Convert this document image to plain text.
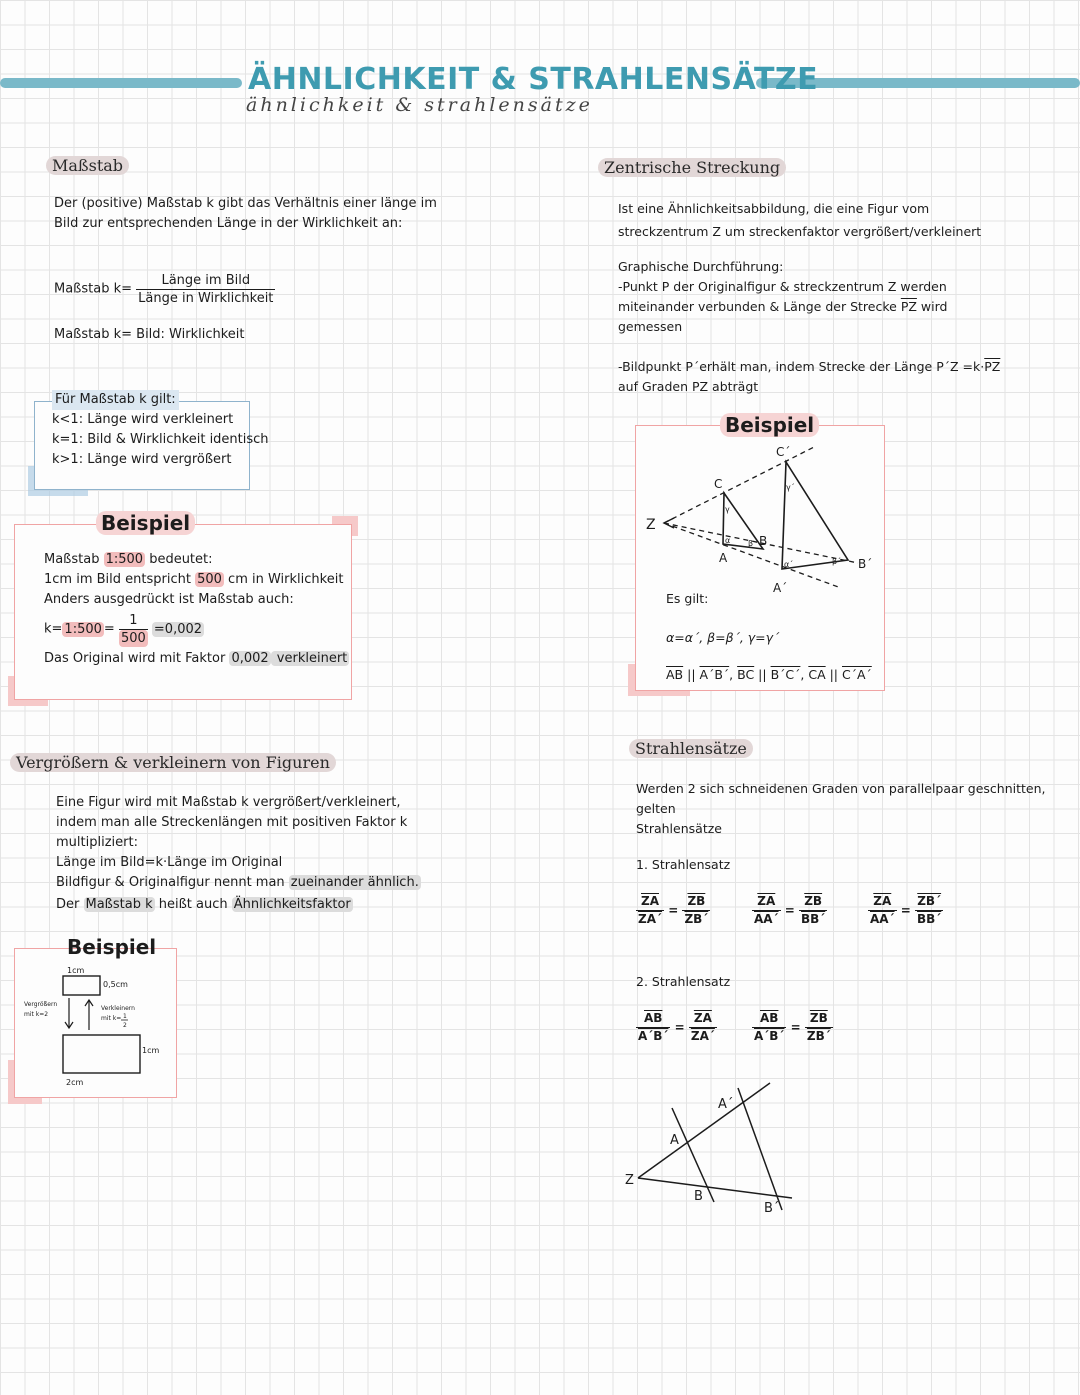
ÄHNLICHKEIT & STRAHLENSÄTZE
ähnlichkeit & strahlensätze
Maßstab
Der (positive) Maßstab k gibt das Verhältnis einer länge im
Bild zur entsprechenden Länge in der Wirklichkeit an:
Maßstab $k= \frac{\text{Länge im Bild}}{\text{Länge in Wirklichkeit}}$
Maßstab k= Bild: Wirklichkeit
Für Maßstab k gilt:
k<1: Länge wird verkleinert
k=1: Bild & Wirklichkeit identisch
k>1: Länge wird vergrößert
Beispiel
Maßstab 1:500 bedeutet:
1cm im Bild entspricht 500 cm in Wirklichkeit
Anders ausgedrückt ist Maßstab auch:
k= 1:500 = $\frac{1}{500} =0,002$
Das Original wird mit Faktor 0,002 verkleinert
Vergrößern & verkleinern von Figuren
Eine Figur wird mit Maßstab k vergrößert/verkleinert,
indem man alle Streckenlängen mit positiven Faktor k
multipliziert:
Länge im Bild=k·Länge im Original
Bildfigur & Originalfigur nennt man zueinander ähnlich.
Der Maßstab k heißt auch Ähnlichkeitsfaktor
Beispiel
1cm
0,5cm
Vergrößern
mit k=2
Verkleinern
mit k= 1
2
1cm
2cm
Zentrische Streckung
Ist eine Ähnlichkeitsabbildung, die eine Figur vom
streckzentrum Z um streckenfaktor vergrößert/verkleinert
Graphische Durchführung:
-Punkt P der Originalfigur & streckzentrum Z werden
miteinander verbunden & Länge der Strecke $\overline{PZ}$ wird
gemessen
-Bildpunkt P´erhält man, indem Strecke der Länge P´Z $=k\cdot\overline{PZ}$
auf Graden PZ abträgt
Beispiel
Z
C
A
B
C´
A´
B´
γ
α β
γ´
α´	β´
Es gilt:
α=α´, β=β´, γ=γ´
$\overline{AB}$ || A´B´, $\overline{BC}$ || B´C´, $\overline{CA}$ || C´A´
Strahlensätze
Werden 2 sich schneidenen Graden von parallelpaar geschnitten, gelten
Strahlensätze
1. Strahlensatz
$\frac{\overline{ZA}}{ZA´} = \frac{\overline{ZB}}{ZB´}$	$\frac{\overline{ZA}}{AA´} = \frac{\overline{ZB}}{BB´}$	$\frac{\overline{ZA}}{AA´} = \frac{ZB´}{BB´}$
2. Strahlensatz
$\frac{\overline{AB}}{A´B´} = \frac{\overline{ZA}}{ZA´}$	$\frac{\overline{AB}}{A´B´} = \frac{\overline{ZB}}{ZB´}$
Z
A
A´
B
B´
